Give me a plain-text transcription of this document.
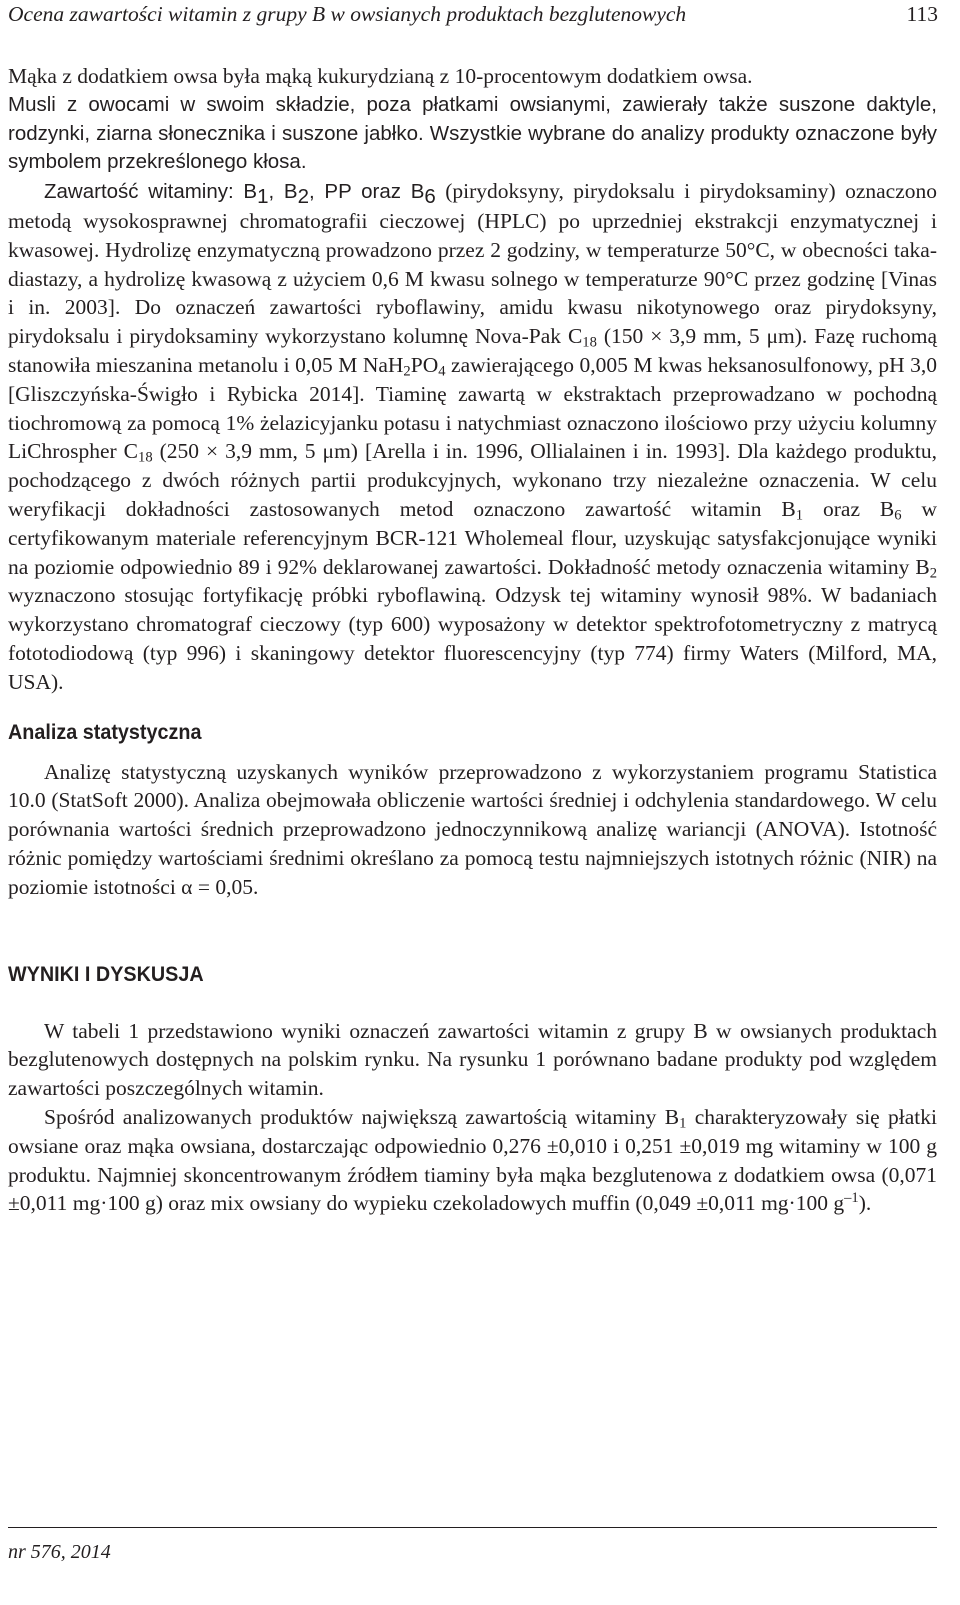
Ocena zawartości witamin z grupy B w owsianych produktach bezglutenowych	113

Mąka z dodatkiem owsa była mąką kukurydzianą z 10-procentowym dodatkiem owsa.

Musli z owocami w swoim składzie, poza płatkami owsianymi, zawierały także suszone daktyle, rodzynki, ziarna słonecznika i suszone jabłko. Wszystkie wybrane do analizy produkty oznaczone były symbolem przekreślonego kłosa.

Zawartość witaminy: $B_1$, $B_2$, PP oraz $B_6$ (pirydoksyny, pirydoksalu i pirydoksaminy) oznaczono metodą wysokosprawnej chromatografii cieczowej (HPLC) po uprzedniej ekstrakcji enzymatycznej i kwasowej. Hydrolizę enzymatyczną prowadzono przez 2 godziny, w temperaturze 50°C, w obecności taka-diastazy, a hydrolizę kwasową z użyciem 0,6 M kwasu solnego w temperaturze 90°C przez godzinę [Vinas i in. 2003]. Do oznaczeń zawartości ryboflawiny, amidu kwasu nikotynowego oraz pirydoksyny, pirydoksalu i pirydoksaminy wykorzystano kolumnę Nova-Pak $C_{18}$ (150 × 3,9 mm, 5 μm). Fazę ruchomą stanowiła mieszanina metanolu i 0,05 M $NaH_2PO_4$ zawierającego 0,005 M kwas heksanosulfonowy, pH 3,0 [Gliszczyńska-Świgło i Rybicka 2014]. Tiaminę zawartą w ekstraktach przeprowadzano w pochodną tiochromową za pomocą 1% żelazicyjanku potasu i natychmiast oznaczono ilościowo przy użyciu kolumny LiChrospher $C_{18}$ (250 × 3,9 mm, 5 μm) [Arella i in. 1996, Ollialainen i in. 1993]. Dla każdego produktu, pochodzącego z dwóch różnych partii produkcyjnych, wykonano trzy niezależne oznaczenia. W celu weryfikacji dokładności zastosowanych metod oznaczono zawartość witamin $B_1$ oraz $B_6$ w certyfikowanym materiale referencyjnym BCR-121 Wholemeal flour, uzyskując satysfakcjonujące wyniki na poziomie odpowiednio 89 i 92% deklarowanej zawartości. Dokładność metody oznaczenia witaminy $B_2$ wyznaczono stosując fortyfikację próbki ryboflawiną. Odzysk tej witaminy wynosił 98%. W badaniach wykorzystano chromatograf cieczowy (typ 600) wyposażony w detektor spektrofotometryczny z matrycą fototodiodową (typ 996) i skaningowy detektor fluorescencyjny (typ 774) firmy Waters (Milford, MA, USA).

Analiza statystyczna

Analizę statystyczną uzyskanych wyników przeprowadzono z wykorzystaniem programu Statistica 10.0 (StatSoft 2000). Analiza obejmowała obliczenie wartości średniej i odchylenia standardowego. W celu porównania wartości średnich przeprowadzono jednoczynnikową analizę wariancji (ANOVA). Istotność różnic pomiędzy wartościami średnimi określano za pomocą testu najmniejszych istotnych różnic (NIR) na poziomie istotności α = 0,05.

WYNIKI I DYSKUSJA

W tabeli 1 przedstawiono wyniki oznaczeń zawartości witamin z grupy B w owsianych produktach bezglutenowych dostępnych na polskim rynku. Na rysunku 1 porównano badane produkty pod względem zawartości poszczególnych witamin.

Spośród analizowanych produktów największą zawartością witaminy $B_1$ charakteryzowały się płatki owsiane oraz mąka owsiana, dostarczając odpowiednio 0,276 ±0,010 i 0,251 ±0,019 mg witaminy w 100 g produktu. Najmniej skoncentrowanym źródłem tiaminy była mąka bezglutenowa z dodatkiem owsa (0,071 ±0,011 mg·100 g) oraz mix owsiany do wypieku czekoladowych muffin (0,049 ±0,011 mg·100 $g^{-1}$).

nr 576, 2014
